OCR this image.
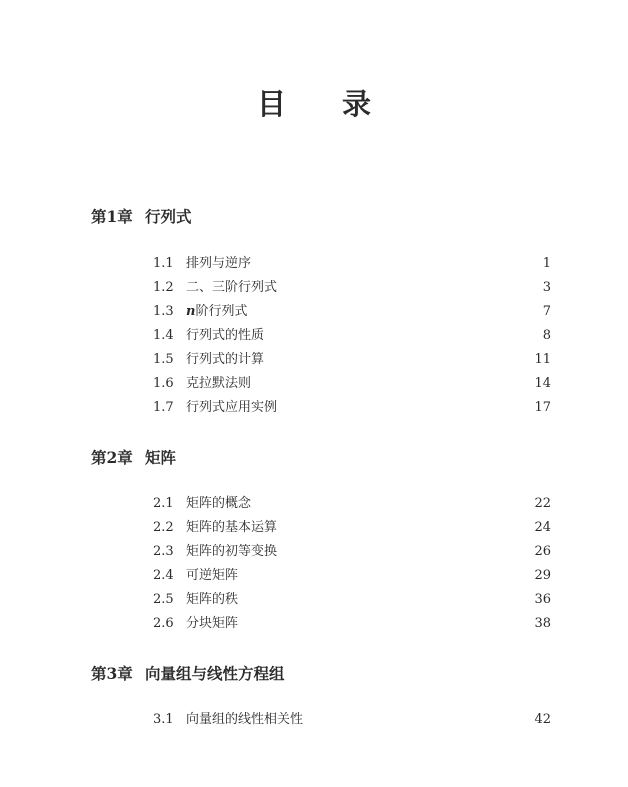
目录
第1章 行列式
1.1 排列与逆序	1
1.2 二、三阶行列式	3
1.3 n阶行列式	7
1.4 行列式的性质	8
1.5 行列式的计算	11
1.6 克拉默法则	14
1.7 行列式应用实例	17
第2章 矩阵
2.1 矩阵的概念	22
2.2 矩阵的基本运算	24
2.3 矩阵的初等变换	26
2.4 可逆矩阵	29
2.5 矩阵的秩	36
2.6 分块矩阵	38
第3章 向量组与线性方程组
3.1 向量组的线性相关性	42
